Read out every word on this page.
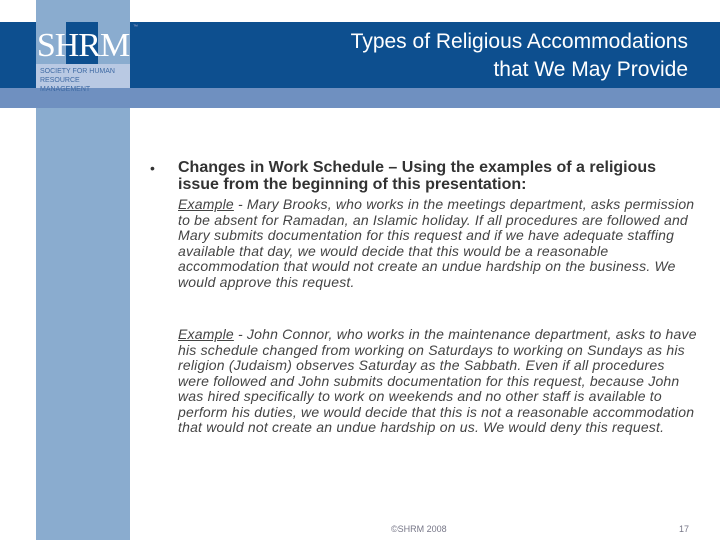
SHRM
SOCIETY FOR HUMAN
RESOURCE MANAGEMENT
™
Types of Religious Accommodations
that We May Provide
• Changes in Work Schedule – Using the examples of a religious issue from the beginning of this presentation:
Example - Mary Brooks, who works in the meetings department, asks permission to be absent for Ramadan, an Islamic holiday. If all procedures are followed and Mary submits documentation for this request and if we have adequate staffing available that day, we would decide that this would be a reasonable accommodation that would not create an undue hardship on the business. We would approve this request.
Example - John Connor, who works in the maintenance department, asks to have his schedule changed from working on Saturdays to working on Sundays as his religion (Judaism) observes Saturday as the Sabbath. Even if all procedures were followed and John submits documentation for this request, because John was hired specifically to work on weekends and no other staff is available to perform his duties, we would decide that this is not a reasonable accommodation that would not create an undue hardship on us. We would deny this request.
©SHRM 2008	17
